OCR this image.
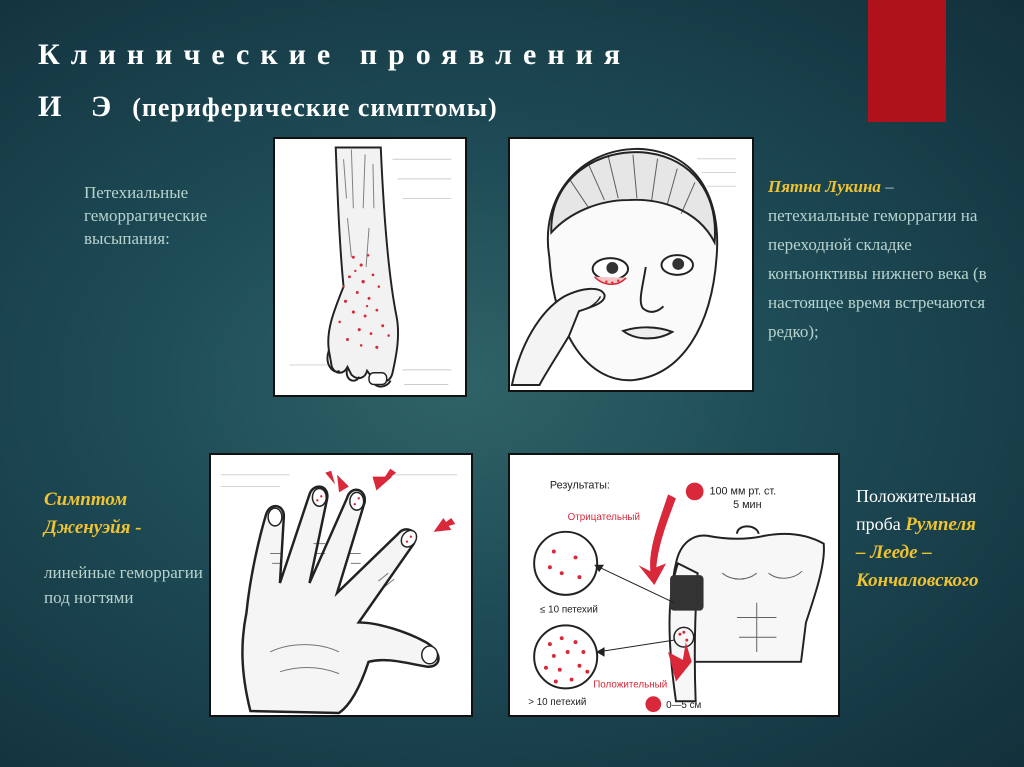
Клинические проявления
И Э (периферические симптомы)
Петехиальные геморрагические высыпания:
Пятна Лукина – петехиальные геморрагии на переходной складке конъюнктивы нижнего века (в настоящее время встречаются редко);
Симптом
Дженуэйя -
линейные геморрагии под ногтями
Положительная
проба Румпеля
– Лееде –
Кончаловского
Результаты:	100 мм рт. ст.
5 мин
Отрицательный
≤ 10 петехий
Положительный
> 10 петехий	0—5 см
